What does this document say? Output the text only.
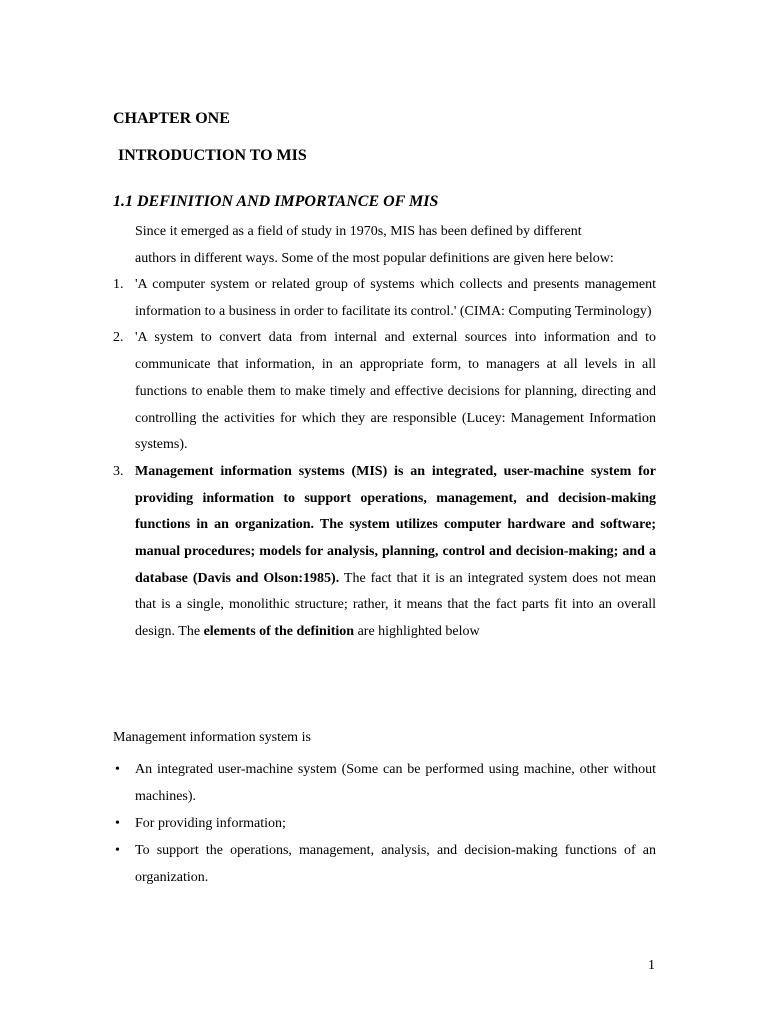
CHAPTER ONE
INTRODUCTION TO MIS
1.1 DEFINITION AND IMPORTANCE OF MIS

Since it emerged as a field of study in 1970s, MIS has been defined by different
authors in different ways. Some of the most popular definitions are given here below:

1. 'A computer system or related group of systems which collects and presents management information to a business in order to facilitate its control.' (CIMA: Computing Terminology)
2. 'A system to convert data from internal and external sources into information and to communicate that information, in an appropriate form, to managers at all levels in all functions to enable them to make timely and effective decisions for planning, directing and controlling the activities for which they are responsible (Lucey: Management Information systems).
3. Management information systems (MIS) is an integrated, user-machine system for providing information to support operations, management, and decision-making functions in an organization. The system utilizes computer hardware and software; manual procedures; models for analysis, planning, control and decision-making; and a database (Davis and Olson:1985). The fact that it is an integrated system does not mean that is a single, monolithic structure; rather, it means that the fact parts fit into an overall design. The elements of the definition are highlighted below
Management information system is
• An integrated user-machine system (Some can be performed using machine, other without machines).
• For providing information;
• To support the operations, management, analysis, and decision-making functions of an organization.
1
